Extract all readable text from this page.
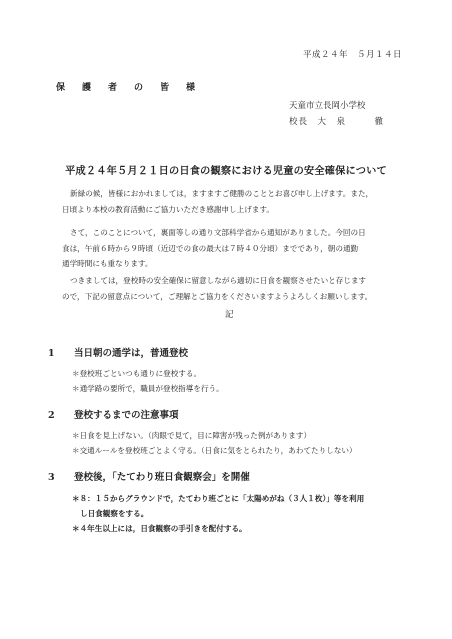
平成２４年　５月１４日
保　護　者　の　皆　様
天童市立長岡小学校
校長　大　泉　　　徹
平成２４年５月２１日の日食の観察における児童の安全確保について
新緑の候，皆様におかれましては，ますますご健勝のこととお喜び申し上げます。また，
日頃より本校の教育活動にご協力いただき感謝申し上げます。
さて，このことについて，裏面等しの通り文部科学省から通知がありました。今回の日
食は，午前６時から９時頃（近辺での食の最大は７時４０分頃）までであり，朝の通勤
通学時間にも重なります。
つきましては，登校時の安全確保に留意しながら適切に日食を観察させたいと存じます
ので，下記の留意点について，ご理解とご協力をくださいますようよろしくお願いします。
記
1 当日朝の通学は，普通登校
＊登校班ごといつも通りに登校する。
＊通学路の要所で，職員が登校指導を行う。
2 登校するまでの注意事項
＊日食を見上げない。（肉眼で見て，目に障害が残った例があります）
＊交通ルールを登校班ごとよく守る。（日食に気をとられたり，あわてたりしない）
3 登校後，「たてわり班日食観察会」を開催
＊８：１５からグラウンドで，たてわり班ごとに「太陽めがね（３人１枚）」等を利用
し日食観察をする。
＊４年生以上には，日食観察の手引きを配付する。
